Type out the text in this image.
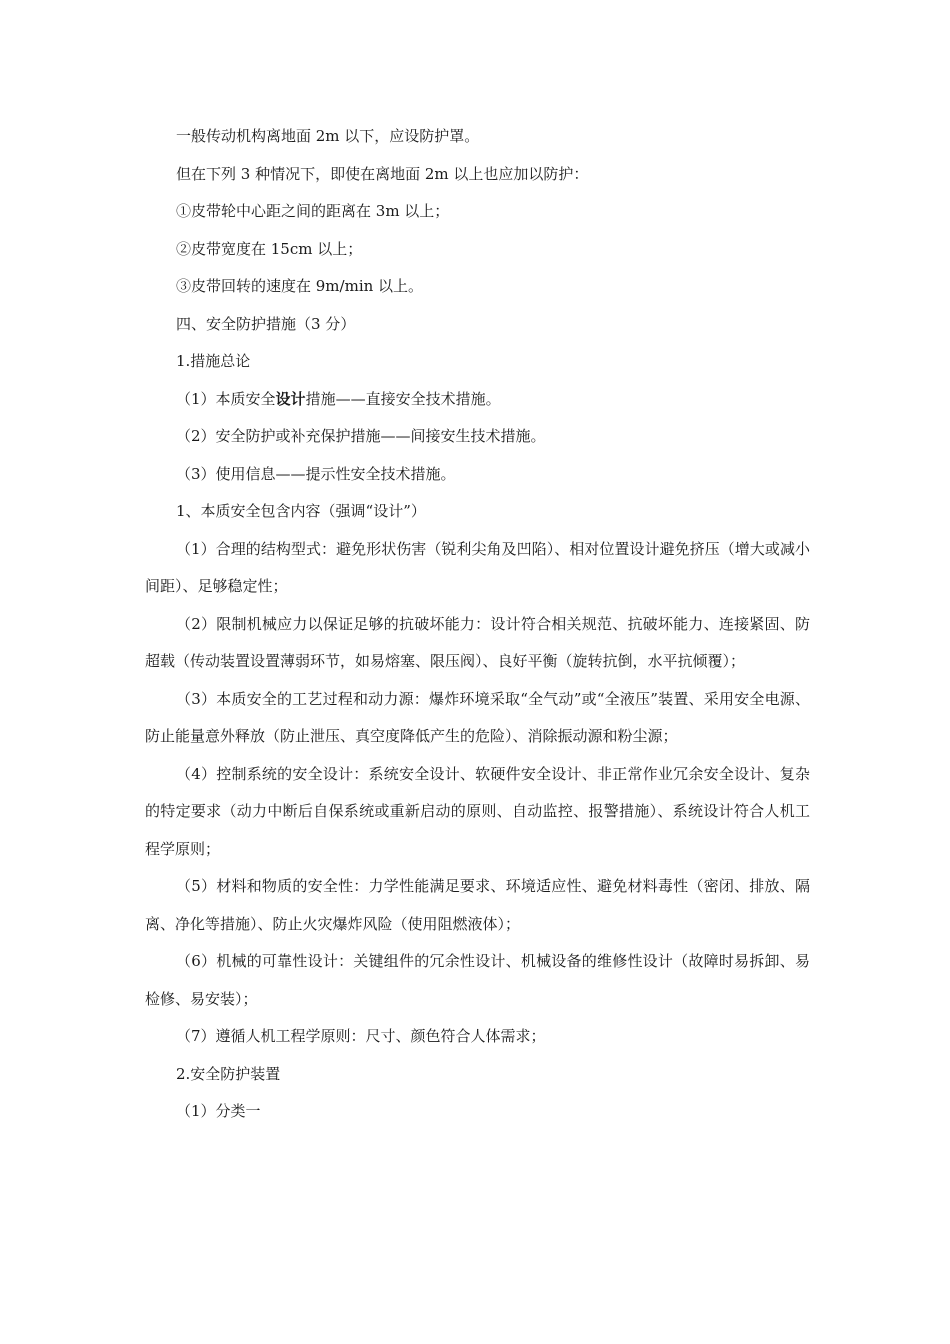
一般传动机构离地面 2m 以下，应设防护罩。

但在下列 3 种情况下，即使在离地面 2m 以上也应加以防护：

①皮带轮中心距之间的距离在 3m 以上；

②皮带宽度在 15cm 以上；

③皮带回转的速度在 9m/min 以上。

四、安全防护措施（3 分）

1.措施总论

（1）本质安全设计措施——直接安全技术措施。

（2）安全防护或补充保护措施——间接安生技术措施。

（3）使用信息——提示性安全技术措施。

1、本质安全包含内容（强调“设计”）

（1）合理的结构型式：避免形状伤害（锐利尖角及凹陷）、相对位置设计避免挤压（增大或减小间距）、足够稳定性；

（2）限制机械应力以保证足够的抗破坏能力：设计符合相关规范、抗破坏能力、连接紧固、防超载（传动装置设置薄弱环节，如易熔塞、限压阀）、良好平衡（旋转抗倒，水平抗倾覆）；

（3）本质安全的工艺过程和动力源：爆炸环境采取“全气动”或“全液压”装置、采用安全电源、防止能量意外释放（防止泄压、真空度降低产生的危险）、消除振动源和粉尘源；

（4）控制系统的安全设计：系统安全设计、软硬件安全设计、非正常作业冗余安全设计、复杂的特定要求（动力中断后自保系统或重新启动的原则、自动监控、报警措施）、系统设计符合人机工程学原则；

（5）材料和物质的安全性：力学性能满足要求、环境适应性、避免材料毒性（密闭、排放、隔离、净化等措施）、防止火灾爆炸风险（使用阻燃液体）；

（6）机械的可靠性设计：关键组件的冗余性设计、机械设备的维修性设计（故障时易拆卸、易检修、易安装）；

（7）遵循人机工程学原则：尺寸、颜色符合人体需求；

2.安全防护装置

（1）分类一
